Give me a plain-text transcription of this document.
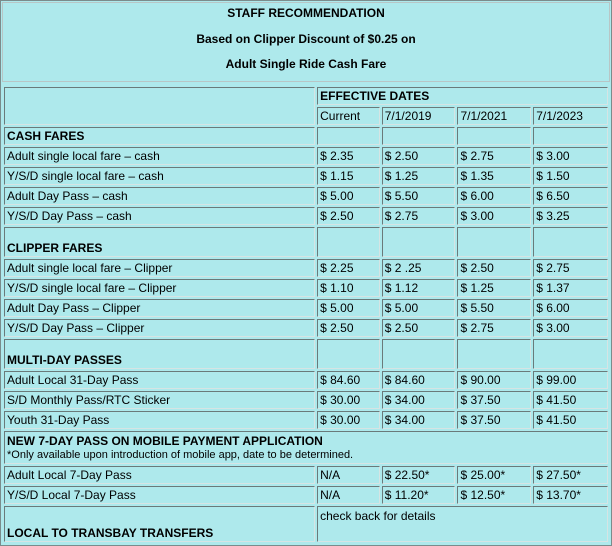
STAFF RECOMMENDATION
Based on Clipper Discount of $0.25 on
Adult Single Ride Cash Fare
	EFFECTIVE DATES			
	Current	7/1/2019	7/1/2021	7/1/2023
CASH FARES				
Adult single local fare – cash	$ 2.35	$ 2.50	$ 2.75	$ 3.00
Y/S/D single local fare – cash	$ 1.15	$ 1.25	$ 1.35	$ 1.50
Adult Day Pass – cash	$ 5.00	$ 5.50	$ 6.00	$ 6.50
Y/S/D Day Pass – cash	$ 2.50	$ 2.75	$ 3.00	$ 3.25
CLIPPER FARES				
Adult single local fare – Clipper	$ 2.25	$ 2 .25	$ 2.50	$ 2.75
Y/S/D single local fare – Clipper	$ 1.10	$ 1.12	$ 1.25	$ 1.37
Adult Day Pass – Clipper	$ 5.00	$ 5.00	$ 5.50	$ 6.00
Y/S/D Day Pass – Clipper	$ 2.50	$ 2.50	$ 2.75	$ 3.00
MULTI-DAY PASSES				
Adult Local 31-Day Pass	$ 84.60	$ 84.60	$ 90.00	$ 99.00
S/D Monthly Pass/RTC Sticker	$ 30.00	$ 34.00	$ 37.50	$ 41.50
Youth 31-Day Pass	$ 30.00	$ 34.00	$ 37.50	$ 41.50

NEW 7-DAY PASS ON MOBILE PAYMENT APPLICATION
*Only available upon introduction of mobile app, date to be determined.				

Adult Local 7-Day Pass	N/A	$ 22.50*	$ 25.00*	$ 27.50*
Y/S/D Local 7-Day Pass	N/A	$ 11.20*	$ 12.50*	$ 13.70*
LOCAL TO TRANSBAY TRANSFERS	check back for details			
